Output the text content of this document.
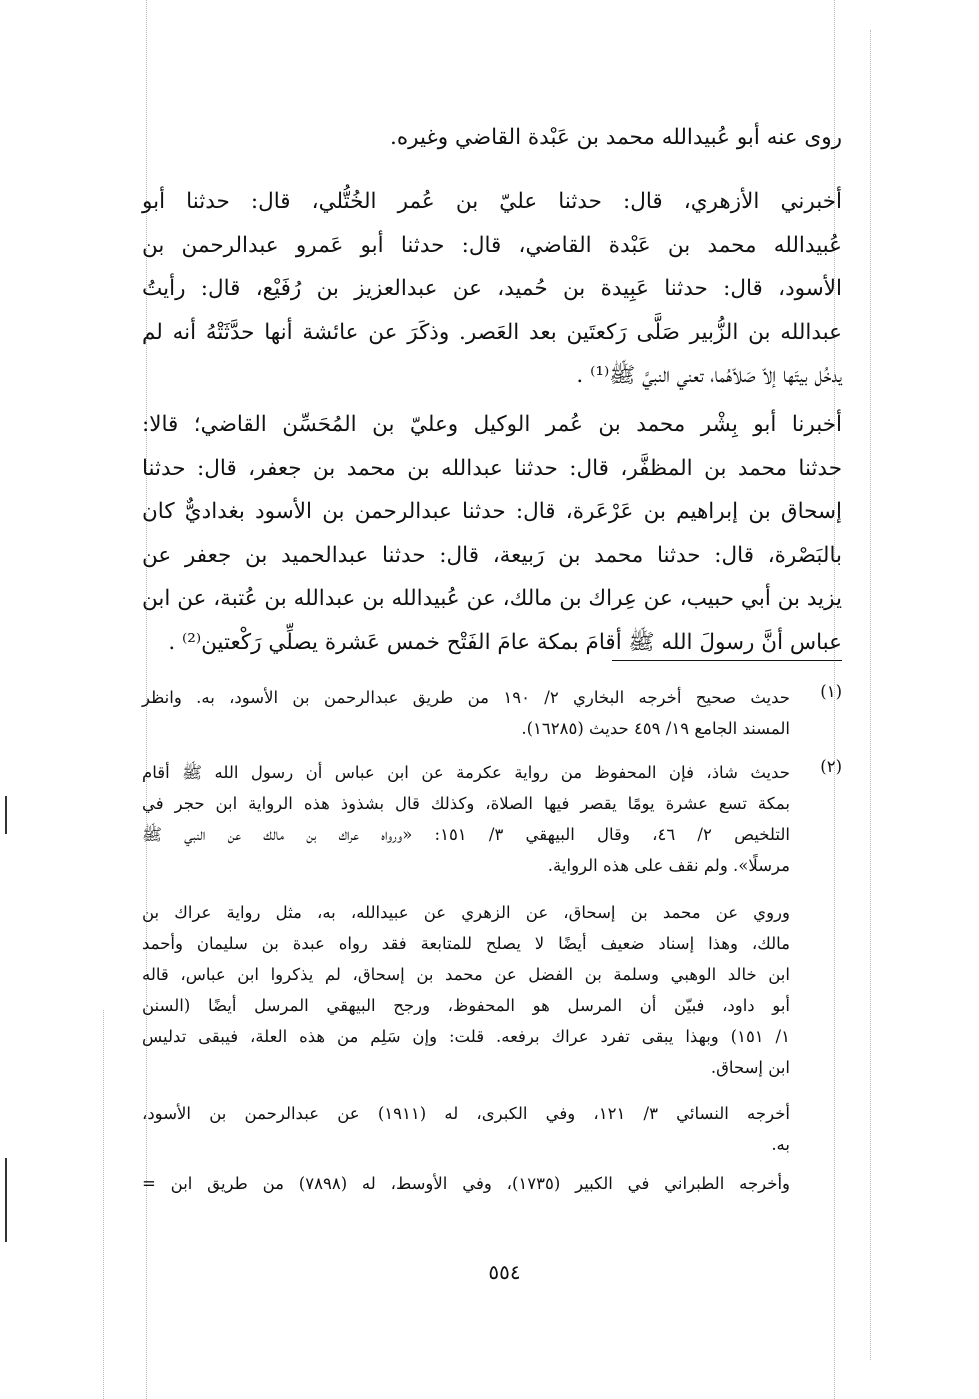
روى عنه أبو عُبيدالله محمد بن عَبْدة القاضي وغيره.
أخبرني الأزهري، قال: حدثنا عليّ بن عُمر الخُتُّلي، قال: حدثنا أبو
عُبيدالله محمد بن عَبْدة القاضي، قال: حدثنا أبو عَمرو عبدالرحمن بن
الأسود، قال: حدثنا عَبِيدة بن حُميد، عن عبدالعزيز بن رُفَيْع، قال: رأيتُ
عبدالله بن الزُّبير صَلَّى رَكعتَين بعد العَصر. وذكَرَ عن عائشة أنها حدَّثَتْهُ أنه لم
يدخُل بيتَها إلاّ صَلاّهُما، تعني النبيَّ ﷺ⁽¹⁾ .
أخبرنا أبو بِشْر محمد بن عُمر الوكيل وعليّ بن المُحَسِّن القاضي؛ قالا:
حدثنا محمد بن المظفَّر، قال: حدثنا عبدالله بن محمد بن جعفر، قال: حدثنا
إسحاق بن إبراهيم بن عَرْعَرة، قال: حدثنا عبدالرحمن بن الأسود بغداديٌّ كان
بالبَصْرة، قال: حدثنا محمد بن رَبيعة، قال: حدثنا عبدالحميد بن جعفر عن
يزيد بن أبي حبيب، عن عِراك بن مالك، عن عُبيدالله بن عبدالله بن عُتبة، عن ابن
عباس أنَّ رسولَ الله ﷺ أقامَ بمكة عامَ الفَتْح خمس عَشرة يصلِّي رَكْعتين⁽²⁾ .
(١)
حديث صحيح أخرجه البخاري ٢/ ١٩٠ من طريق عبدالرحمن بن الأسود، به. وانظر
المسند الجامع ١٩/ ٤٥٩ حديث (١٦٢٨٥).
(٢)
حديث شاذ، فإن المحفوظ من رواية عكرمة عن ابن عباس أن رسول الله ﷺ أقام
بمكة تسع عشرة يومًا يقصر فيها الصلاة، وكذلك قال بشذوذ هذه الرواية ابن حجر في
التلخيص ٢/ ٤٦، وقال البيهقي ٣/ ١٥١: «ورواه عراك بن مالك عن النبي ﷺ
مرسلًا». ولم نقف على هذه الرواية.
وروي عن محمد بن إسحاق، عن الزهري عن عبيدالله، به، مثل رواية عراك بن
مالك، وهذا إسناد ضعيف أيضًا لا يصلح للمتابعة فقد رواه عبدة بن سليمان وأحمد
ابن خالد الوهبي وسلمة بن الفضل عن محمد بن إسحاق، لم يذكروا ابن عباس، قاله
أبو داود، فبيّن أن المرسل هو المحفوظ، ورجح البيهقي المرسل أيضًا (السنن
١/ ١٥١) وبهذا يبقى تفرد عراك برفعه. قلت: وإن سَلِم من هذه العلة، فيبقى تدليس
ابن إسحاق.
أخرجه النسائي ٣/ ١٢١، وفي الكبرى، له (١٩١١) عن عبدالرحمن بن الأسود،
به.
وأخرجه الطبراني في الكبير (١٧٣٥)، وفي الأوسط، له (٧٨٩٨) من طريق ابن =
٥٥٤
